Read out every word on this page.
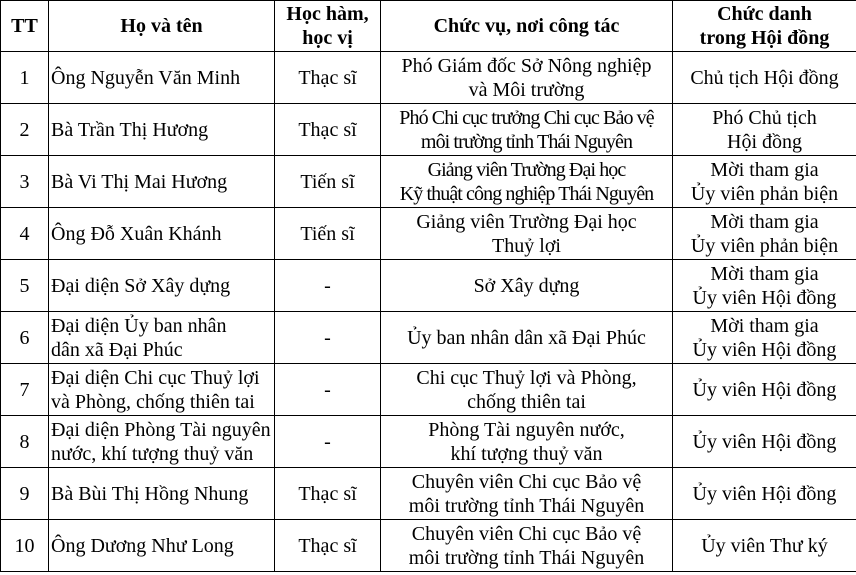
TT	Họ và tên	Học hàm,
học vị	Chức vụ, nơi công tác	Chức danh
trong Hội đồng
1	Ông Nguyễn Văn Minh	Thạc sĩ	Phó Giám đốc Sở Nông nghiệp
và Môi trường	Chủ tịch Hội đồng
2	Bà Trần Thị Hương	Thạc sĩ	Phó Chi cục trưởng Chi cục Bảo vệ
môi trường tỉnh Thái Nguyên	Phó Chủ tịch
Hội đồng
3	Bà Vi Thị Mai Hương	Tiến sĩ	Giảng viên Trường Đại học
Kỹ thuật công nghiệp Thái Nguyên	Mời tham gia
Ủy viên phản biện
4	Ông Đỗ Xuân Khánh	Tiến sĩ	Giảng viên Trường Đại học
Thuỷ lợi	Mời tham gia
Ủy viên phản biện
5	Đại diện Sở Xây dựng	-	Sở Xây dựng	Mời tham gia
Ủy viên Hội đồng
6	Đại diện Ủy ban nhân
dân xã Đại Phúc	-	Ủy ban nhân dân xã Đại Phúc	Mời tham gia
Ủy viên Hội đồng
7	Đại diện Chi cục Thuỷ lợi
và Phòng, chống thiên tai	-	Chi cục Thuỷ lợi và Phòng,
chống thiên tai	Ủy viên Hội đồng
8	Đại diện Phòng Tài nguyên
nước, khí tượng thuỷ văn	-	Phòng Tài nguyên nước,
khí tượng thuỷ văn	Ủy viên Hội đồng
9	Bà Bùi Thị Hồng Nhung	Thạc sĩ	Chuyên viên Chi cục Bảo vệ
môi trường tỉnh Thái Nguyên	Ủy viên Hội đồng
10	Ông Dương Như Long	Thạc sĩ	Chuyên viên Chi cục Bảo vệ
môi trường tỉnh Thái Nguyên	Ủy viên Thư ký
